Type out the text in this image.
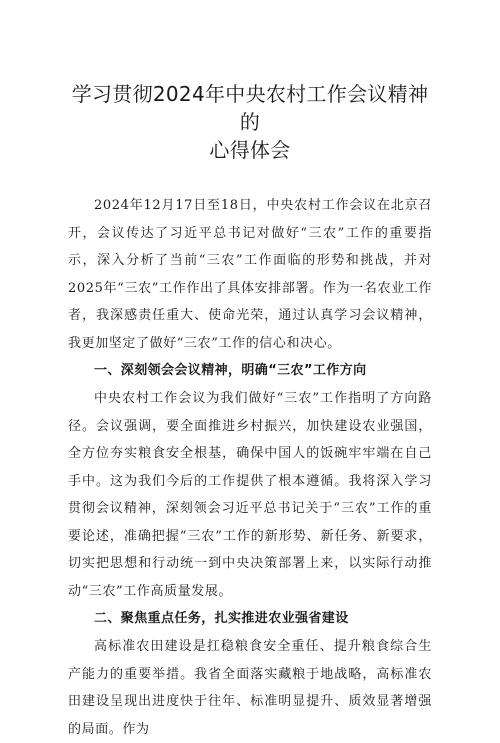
学习贯彻2024年中央农村工作会议精神的
心得体会

2024年12月17日至18日，中央农村工作会议在北京召开，会议传达了习近平总书记对做好“三农”工作的重要指示，深入分析了当前“三农”工作面临的形势和挑战，并对2025年“三农”工作作出了具体安排部署。作为一名农业工作者，我深感责任重大、使命光荣，通过认真学习会议精神，我更加坚定了做好“三农”工作的信心和决心。

一、深刻领会会议精神，明确“三农”工作方向

中央农村工作会议为我们做好“三农”工作指明了方向路径。会议强调，要全面推进乡村振兴，加快建设农业强国，全方位夯实粮食安全根基，确保中国人的饭碗牢牢端在自己手中。这为我们今后的工作提供了根本遵循。我将深入学习贯彻会议精神，深刻领会习近平总书记关于“三农”工作的重要论述，准确把握“三农”工作的新形势、新任务、新要求，切实把思想和行动统一到中央决策部署上来，以实际行动推动“三农”工作高质量发展。

二、聚焦重点任务，扎实推进农业强省建设

高标准农田建设是扛稳粮食安全重任、提升粮食综合生产能力的重要举措。我省全面落实藏粮于地战略，高标准农田建设呈现出进度快于往年、标准明显提升、质效显著增强的局面。作为
